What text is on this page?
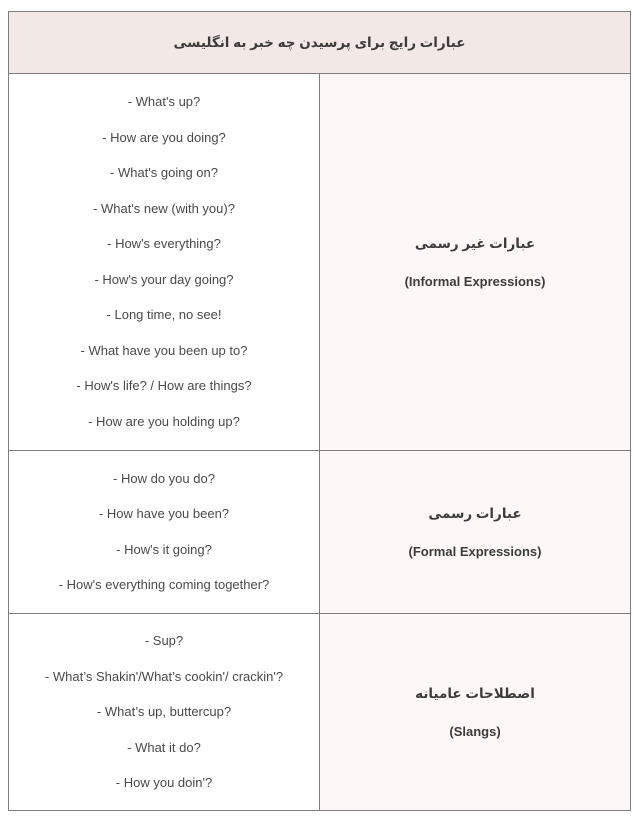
عبارات رایج برای پرسیدن چه خبر به انگلیسی	

عبارات غیر رسمی
(Informal Expressions)

- What's up?

- How are you doing?

- What's going on?

- What's new (with you)?

- How's everything?

- How's your day going?

- Long time, no see!

- What have you been up to?

- How's life? / How are things?

- How are you holding up?

عبارات رسمی
(Formal Expressions)

- How do you do?

- How have you been?

- How's it going?

- How's everything coming together?

اصطلاحات عامیانه
(Slangs)

- Sup?

- What’s Shakin'/What’s cookin'/ crackin'?

- What’s up, buttercup?

- What it do?

- How you doin'?
